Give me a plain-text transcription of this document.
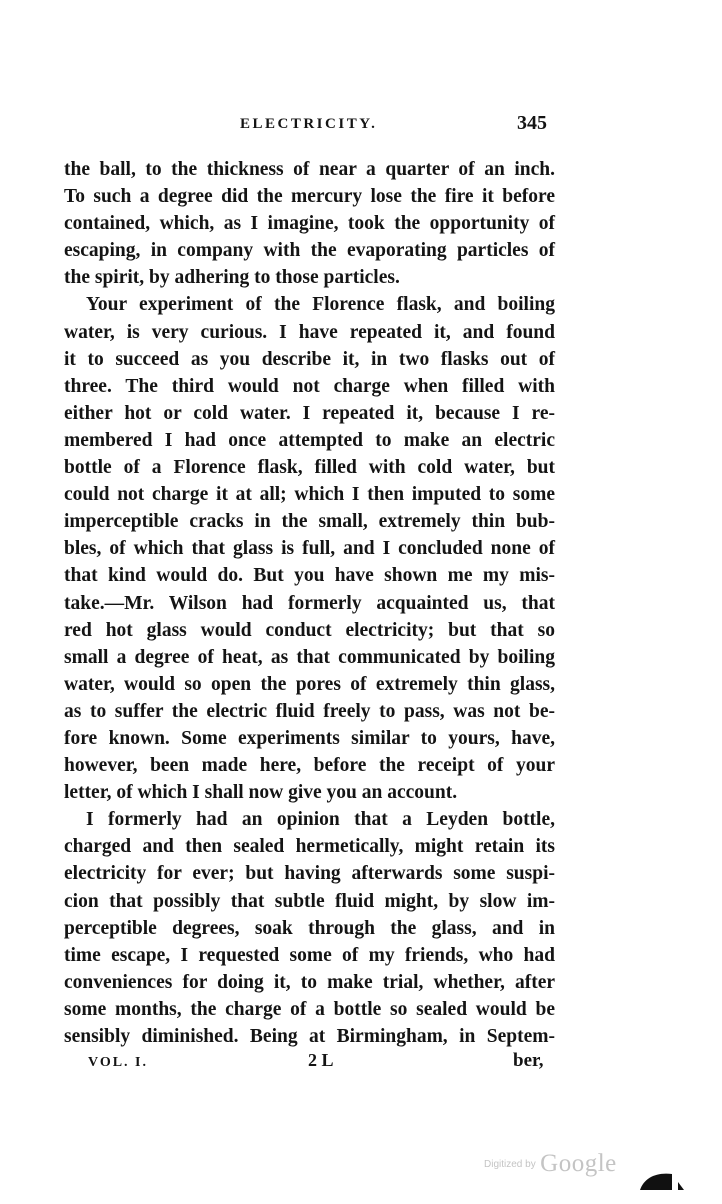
ELECTRICITY.	345
the ball, to the thickness of near a quarter of an inch.
To such a degree did the mercury lose the fire it before
contained, which, as I imagine, took the opportunity of
escaping, in company with the evaporating particles of
the spirit, by adhering to those particles.
Your experiment of the Florence flask, and boiling
water, is very curious. I have repeated it, and found
it to succeed as you describe it, in two flasks out of
three. The third would not charge when filled with
either hot or cold water. I repeated it, because I re-
membered I had once attempted to make an electric
bottle of a Florence flask, filled with cold water, but
could not charge it at all; which I then imputed to some
imperceptible cracks in the small, extremely thin bub-
bles, of which that glass is full, and I concluded none of
that kind would do. But you have shown me my mis-
take.—Mr. Wilson had formerly acquainted us, that
red hot glass would conduct electricity; but that so
small a degree of heat, as that communicated by boiling
water, would so open the pores of extremely thin glass,
as to suffer the electric fluid freely to pass, was not be-
fore known. Some experiments similar to yours, have,
however, been made here, before the receipt of your
letter, of which I shall now give you an account.
I formerly had an opinion that a Leyden bottle,
charged and then sealed hermetically, might retain its
electricity for ever; but having afterwards some suspi-
cion that possibly that subtle fluid might, by slow im-
perceptible degrees, soak through the glass, and in
time escape, I requested some of my friends, who had
conveniences for doing it, to make trial, whether, after
some months, the charge of a bottle so sealed would be
sensibly diminished. Being at Birmingham, in Septem-
VOL. I.	2 L	ber,
$^{Digitized by}$ Google
